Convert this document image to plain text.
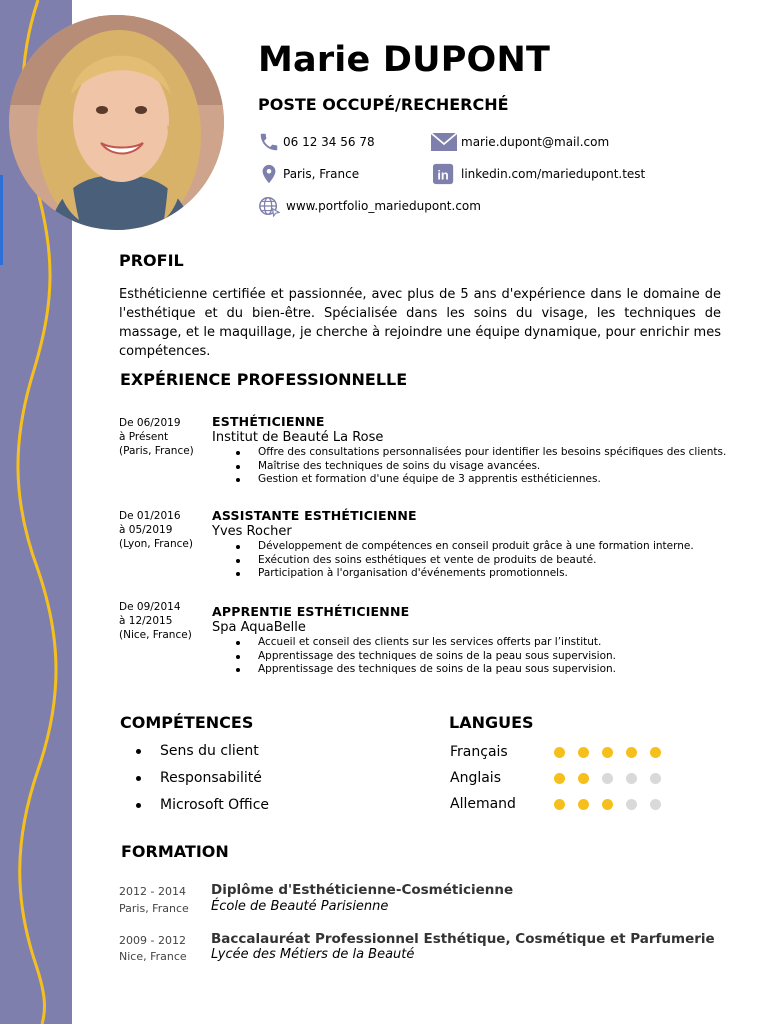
Marie DUPONT
POSTE OCCUPÉ/RECHERCHÉ
06 12 34 56 78	marie.dupont@mail.com
Paris, France	in linkedin.com/mariedupont.test
www.portfolio_mariedupont.com
PROFIL
Esthéticienne certifiée et passionnée, avec plus de 5 ans d'expérience dans le domaine de l'esthétique et du bien-être. Spécialisée dans les soins du visage, les techniques de massage, et le maquillage, je cherche à rejoindre une équipe dynamique, pour enrichir mes compétences.
EXPÉRIENCE PROFESSIONNELLE
De 06/2019
à Présent
(Paris, France)
ESTHÉTICIENNE
Institut de Beauté La Rose
Offre des consultations personnalisées pour identifier les besoins spécifiques des clients.
Maîtrise des techniques de soins du visage avancées.
Gestion et formation d'une équipe de 3 apprentis esthéticiennes.
De 01/2016
à 05/2019
(Lyon, France)
ASSISTANTE ESTHÉTICIENNE
Yves Rocher
Développement de compétences en conseil produit grâce à une formation interne.
Exécution des soins esthétiques et vente de produits de beauté.
Participation à l'organisation d'événements promotionnels.
De 09/2014
à 12/2015
(Nice, France)
APPRENTIE ESTHÉTICIENNE
Spa AquaBelle
Accueil et conseil des clients sur les services offerts par l’institut.
Apprentissage des techniques de soins de la peau sous supervision.
Apprentissage des techniques de soins de la peau sous supervision.
COMPÉTENCES
Sens du client
Responsabilité
Microsoft Office
LANGUES
Français
Anglais
Allemand
FORMATION
2012 - 2014
Paris, France
Diplôme d'Esthéticienne-Cosméticienne
École de Beauté Parisienne
2009 - 2012
Nice, France
Baccalauréat Professionnel Esthétique, Cosmétique et Parfumerie
Lycée des Métiers de la Beauté
